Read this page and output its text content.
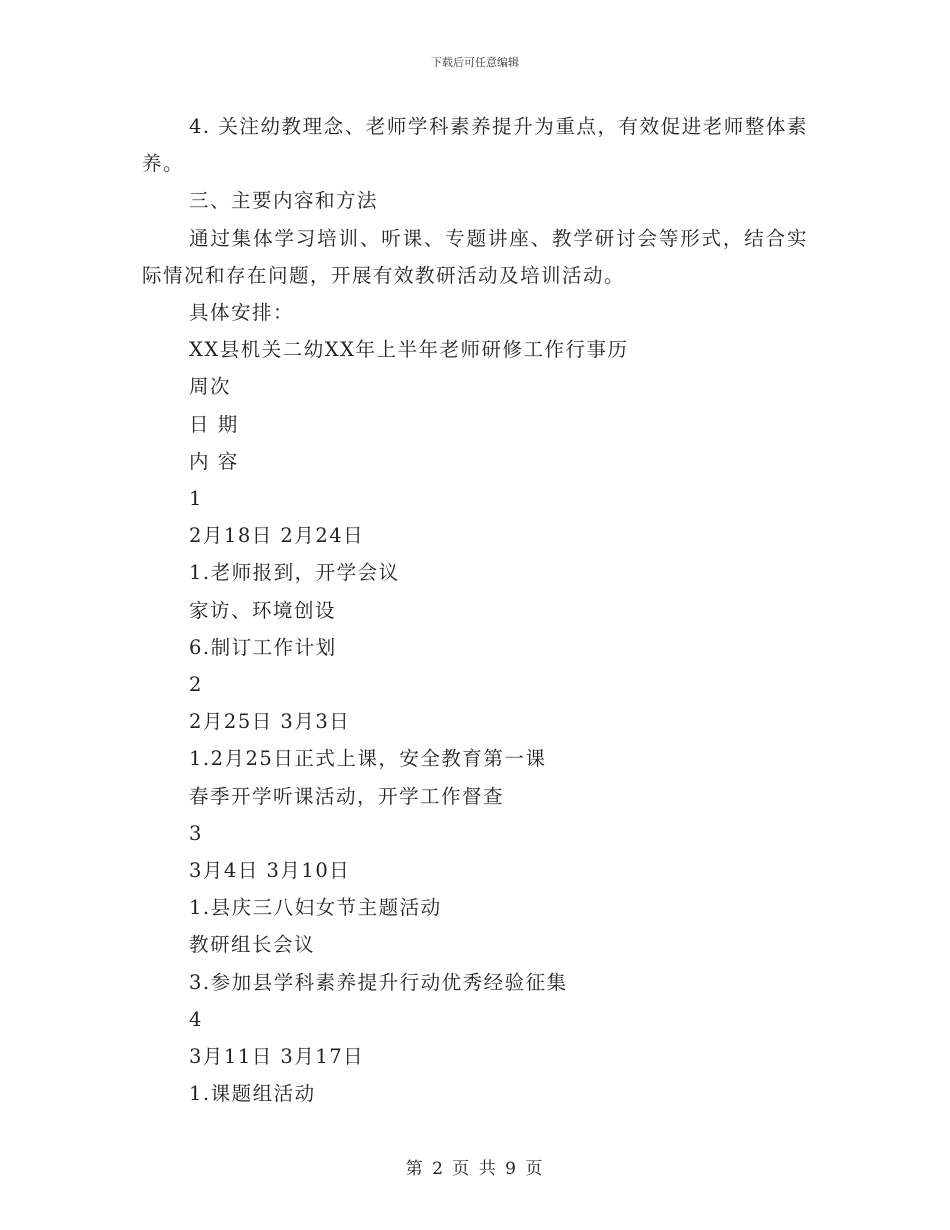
下载后可任意编辑
4. 关注幼教理念、老师学科素养提升为重点，有效促进老师整体素养。
三、主要内容和方法
通过集体学习培训、听课、专题讲座、教学研讨会等形式，结合实际情况和存在问题，开展有效教研活动及培训活动。
具体安排：
XX县机关二幼XX年上半年老师研修工作行事历
周次
日 期
内 容
1
2月18日 2月24日
1.老师报到，开学会议
家访、环境创设
6.制订工作计划
2
2月25日 3月3日
1.2月25日正式上课，安全教育第一课
春季开学听课活动，开学工作督查
3
3月4日 3月10日
1.县庆三八妇女节主题活动
教研组长会议
3.参加县学科素养提升行动优秀经验征集
4
3月11日 3月17日
1.课题组活动
第 2 页 共 9 页
